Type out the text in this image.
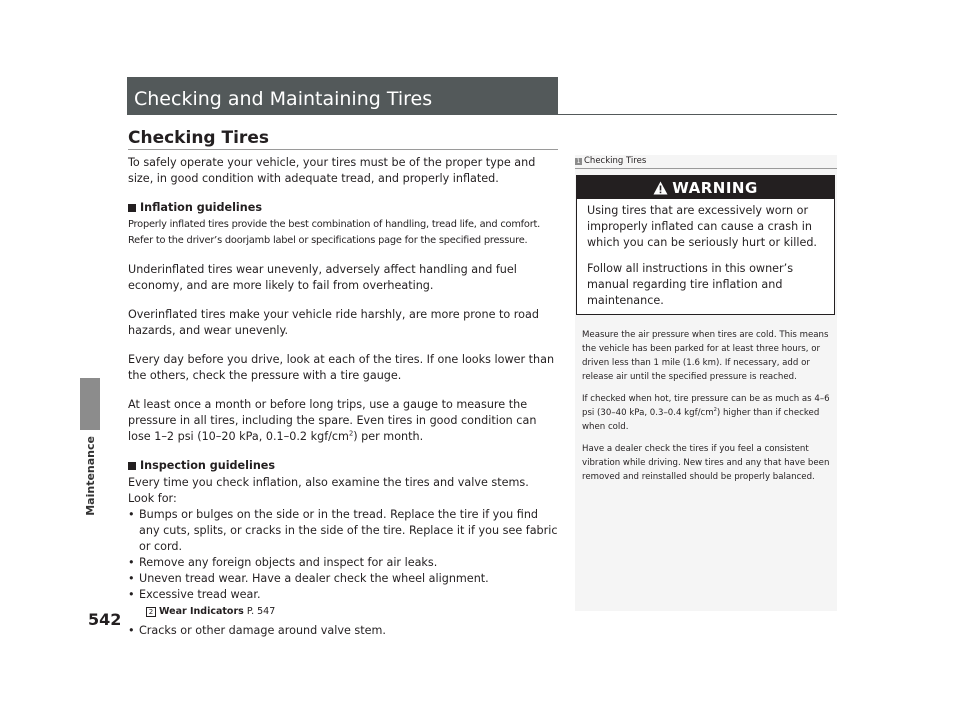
Maintenance
542
Checking and Maintaining Tires
Checking Tires

To safely operate your vehicle, your tires must be of the proper type and size, in good condition with adequate tread, and properly inflated.

Inflation guidelines

Properly inflated tires provide the best combination of handling, tread life, and comfort. Refer to the driver’s doorjamb label or specifications page for the specified pressure.

Underinflated tires wear unevenly, adversely affect handling and fuel economy, and are more likely to fail from overheating.

Overinflated tires make your vehicle ride harshly, are more prone to road hazards, and wear unevenly.

Every day before you drive, look at each of the tires. If one looks lower than the others, check the pressure with a tire gauge.

At least once a month or before long trips, use a gauge to measure the pressure in all tires, including the spare. Even tires in good condition can lose 1–2 psi (10–20 kPa, 0.1–0.2 kgf/$cm^2$) per month.

Inspection guidelines

Every time you check inflation, also examine the tires and valve stems.

Look for:

• Bumps or bulges on the side or in the tread. Replace the tire if you find any cuts, splits, or cracks in the side of the tire. Replace it if you see fabric or cord.
• Remove any foreign objects and inspect for air leaks.
• Uneven tread wear. Have a dealer check the wheel alignment.
• Excessive tread wear.
2 Wear Indicators P. 547
• Cracks or other damage around valve stem.
1 Checking Tires
WARNING

Using tires that are excessively worn or improperly inflated can cause a crash in which you can be seriously hurt or killed.

Follow all instructions in this owner’s manual regarding tire inflation and maintenance.

Measure the air pressure when tires are cold. This means the vehicle has been parked for at least three hours, or driven less than 1 mile (1.6 km). If necessary, add or release air until the specified pressure is reached.

If checked when hot, tire pressure can be as much as 4–6 psi (30–40 kPa, 0.3–0.4 kgf/$cm^2$) higher than if checked when cold.

Have a dealer check the tires if you feel a consistent vibration while driving. New tires and any that have been removed and reinstalled should be properly balanced.
